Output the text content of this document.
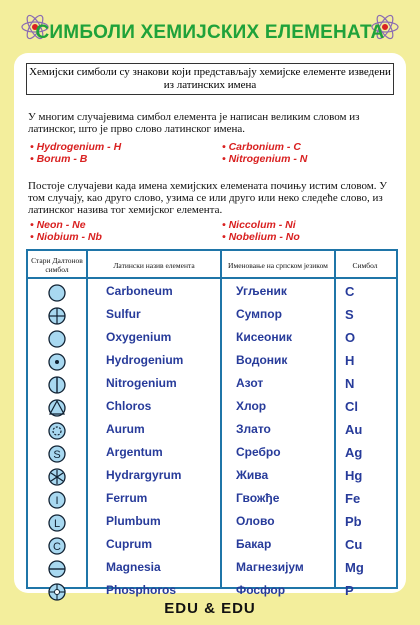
СИМБОЛИ ХЕМИЈСКИХ ЕЛЕМЕНАТА
Хемијски симболи су знакови који представљају хемијске елементе изведени из латинских имена
У многим случајевима симбол елемента је написан великим словом из латинског, што је прво слово латинског имена.
• Hydrogenium - H
• Borum - B
• Carbonium - C
• Nitrogenium - N
Постоје случајеви када имена хемијских елемената почињу истим словом. У том случају, као друго слово, узима се или друго или неко следеће слово, из латинског назива тог хемијског елемента.
• Neon - Ne
• Niobium - Nb
• Niccolum - Ni
• Nobelium - No
Стари Далтонов симбол	Латински назив елемента	Именовање на српском језиком	Симбол
Carboneum	Угљеник	C
Sulfur	Сумпор	S
Oxygenium	Кисеоник	O
Hydrogenium	Водоник	H
Nitrogenium	Азот	N
Chloros	Хлор	Cl
Aurum	Злато	Au
S	Argentum	Сребро	Ag
Hydrargyrum	Жива	Hg
I	Ferrum	Гвожђе	Fe
L	Plumbum	Олово	Pb
C	Cuprum	Бакар	Cu
Magnesia	Магнезијум	Mg
Phosphoros	Фосфор	P
EDU & EDU
